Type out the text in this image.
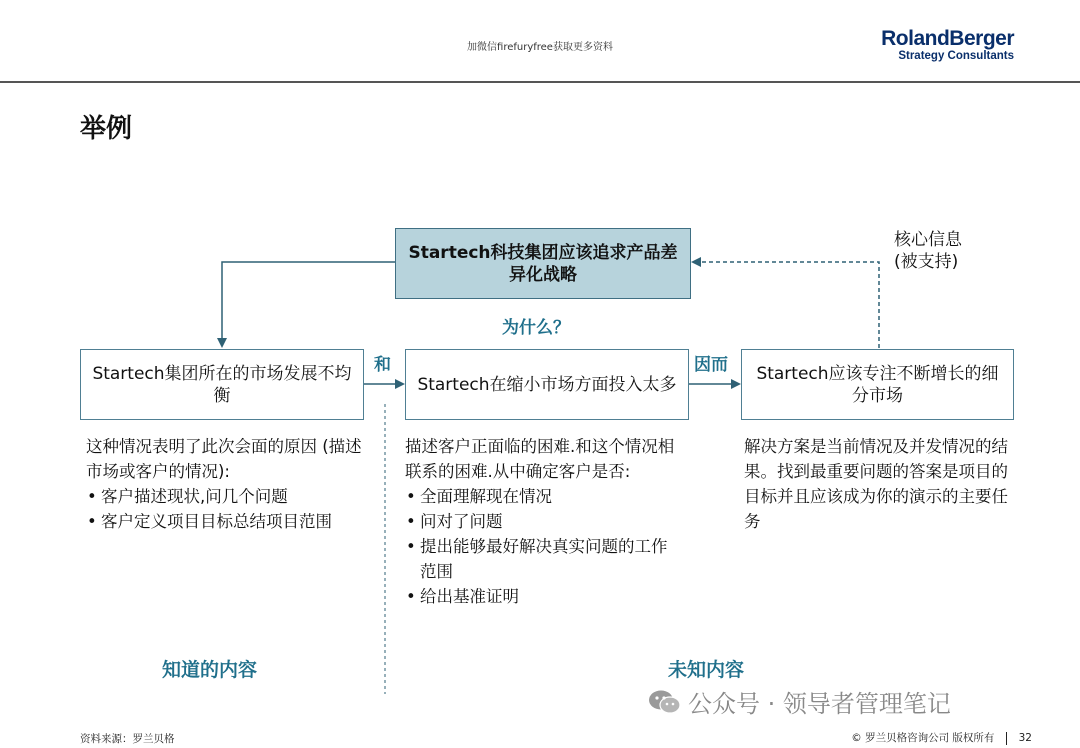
加微信firefuryfree获取更多资料	RolandBerger
Strategy Consultants
举例
Startech科技集团应该追求产品差异化战略
为什么？
核心信息
(被支持)
Startech集团所在的市场发展不均衡
Startech在缩小市场方面投入太多
Startech应该专注不断增长的细分市场
和	因而

这种情况表明了此次会面的原因 (描述市场或客户的情况):

• 客户描述现状,问几个问题
• 客户定义项目目标总结项目范围

描述客户正面临的困难.和这个情况相联系的困难.从中确定客户是否:

• 全面理解现在情况
• 问对了问题
• 提出能够最好解决真实问题的工作范围
• 给出基准证明

解决方案是当前情况及并发情况的结果。找到最重要问题的答案是项目的目标并且应该成为你的演示的主要任务

知道的内容	未知内容
公众号 · 领导者管理笔记
资料来源：罗兰贝格	© 罗兰贝格咨询公司 版权所有 32
